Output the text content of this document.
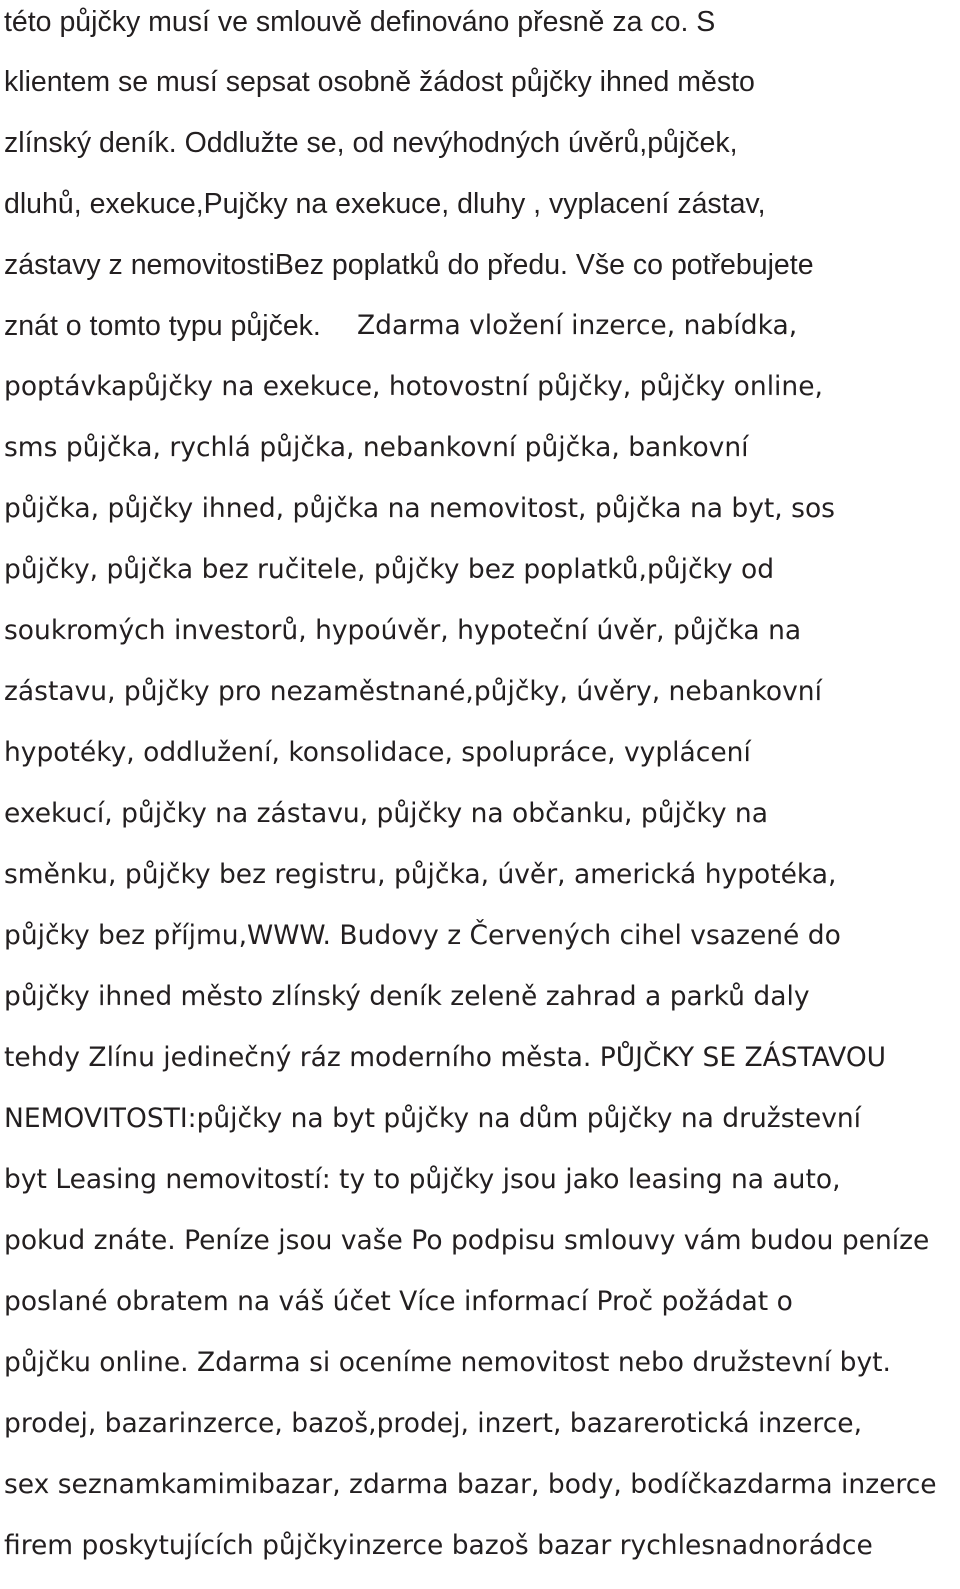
této půjčky musí ve smlouvě definováno přesně za co. S
klientem se musí sepsat osobně žádost půjčky ihned město
zlínský deník. Oddlužte se, od nevýhodných úvěrů,půjček,
dluhů, exekuce,Pujčky na exekuce, dluhy , vyplacení zástav,
zástavy z nemovitostiBez poplatků do předu. Vše co potřebujete
znát o tomto typu půjček. Zdarma vložení inzerce, nabídka,
poptávkapůjčky na exekuce, hotovostní půjčky, půjčky online,
sms půjčka, rychlá půjčka, nebankovní půjčka, bankovní
půjčka, půjčky ihned, půjčka na nemovitost, půjčka na byt, sos
půjčky, půjčka bez ručitele, půjčky bez poplatků,půjčky od
soukromých investorů, hypoúvěr, hypoteční úvěr, půjčka na
zástavu, půjčky pro nezaměstnané,půjčky, úvěry, nebankovní
hypotéky, oddlužení, konsolidace, spolupráce, vyplácení
exekucí, půjčky na zástavu, půjčky na občanku, půjčky na
směnku, půjčky bez registru, půjčka, úvěr, americká hypotéka,
půjčky bez příjmu,WWW. Budovy z Červených cihel vsazené do
půjčky ihned město zlínský deník zeleně zahrad a parků daly
tehdy Zlínu jedinečný ráz moderního města. PŮJČKY SE ZÁSTAVOU
NEMOVITOSTI:půjčky na byt půjčky na dům půjčky na družstevní
byt Leasing nemovitostí: ty to půjčky jsou jako leasing na auto,
pokud znáte. Peníze jsou vaše Po podpisu smlouvy vám budou peníze
poslané obratem na váš účet Více informací Proč požádat o
půjčku online. Zdarma si oceníme nemovitost nebo družstevní byt.
prodej, bazarinzerce, bazoš,prodej, inzert, bazarerotická inzerce,
sex seznamkamimibazar, zdarma bazar, body, bodíčkazdarma inzerce
firem poskytujících půjčkyinzerce bazoš bazar rychlesnadnorádce
